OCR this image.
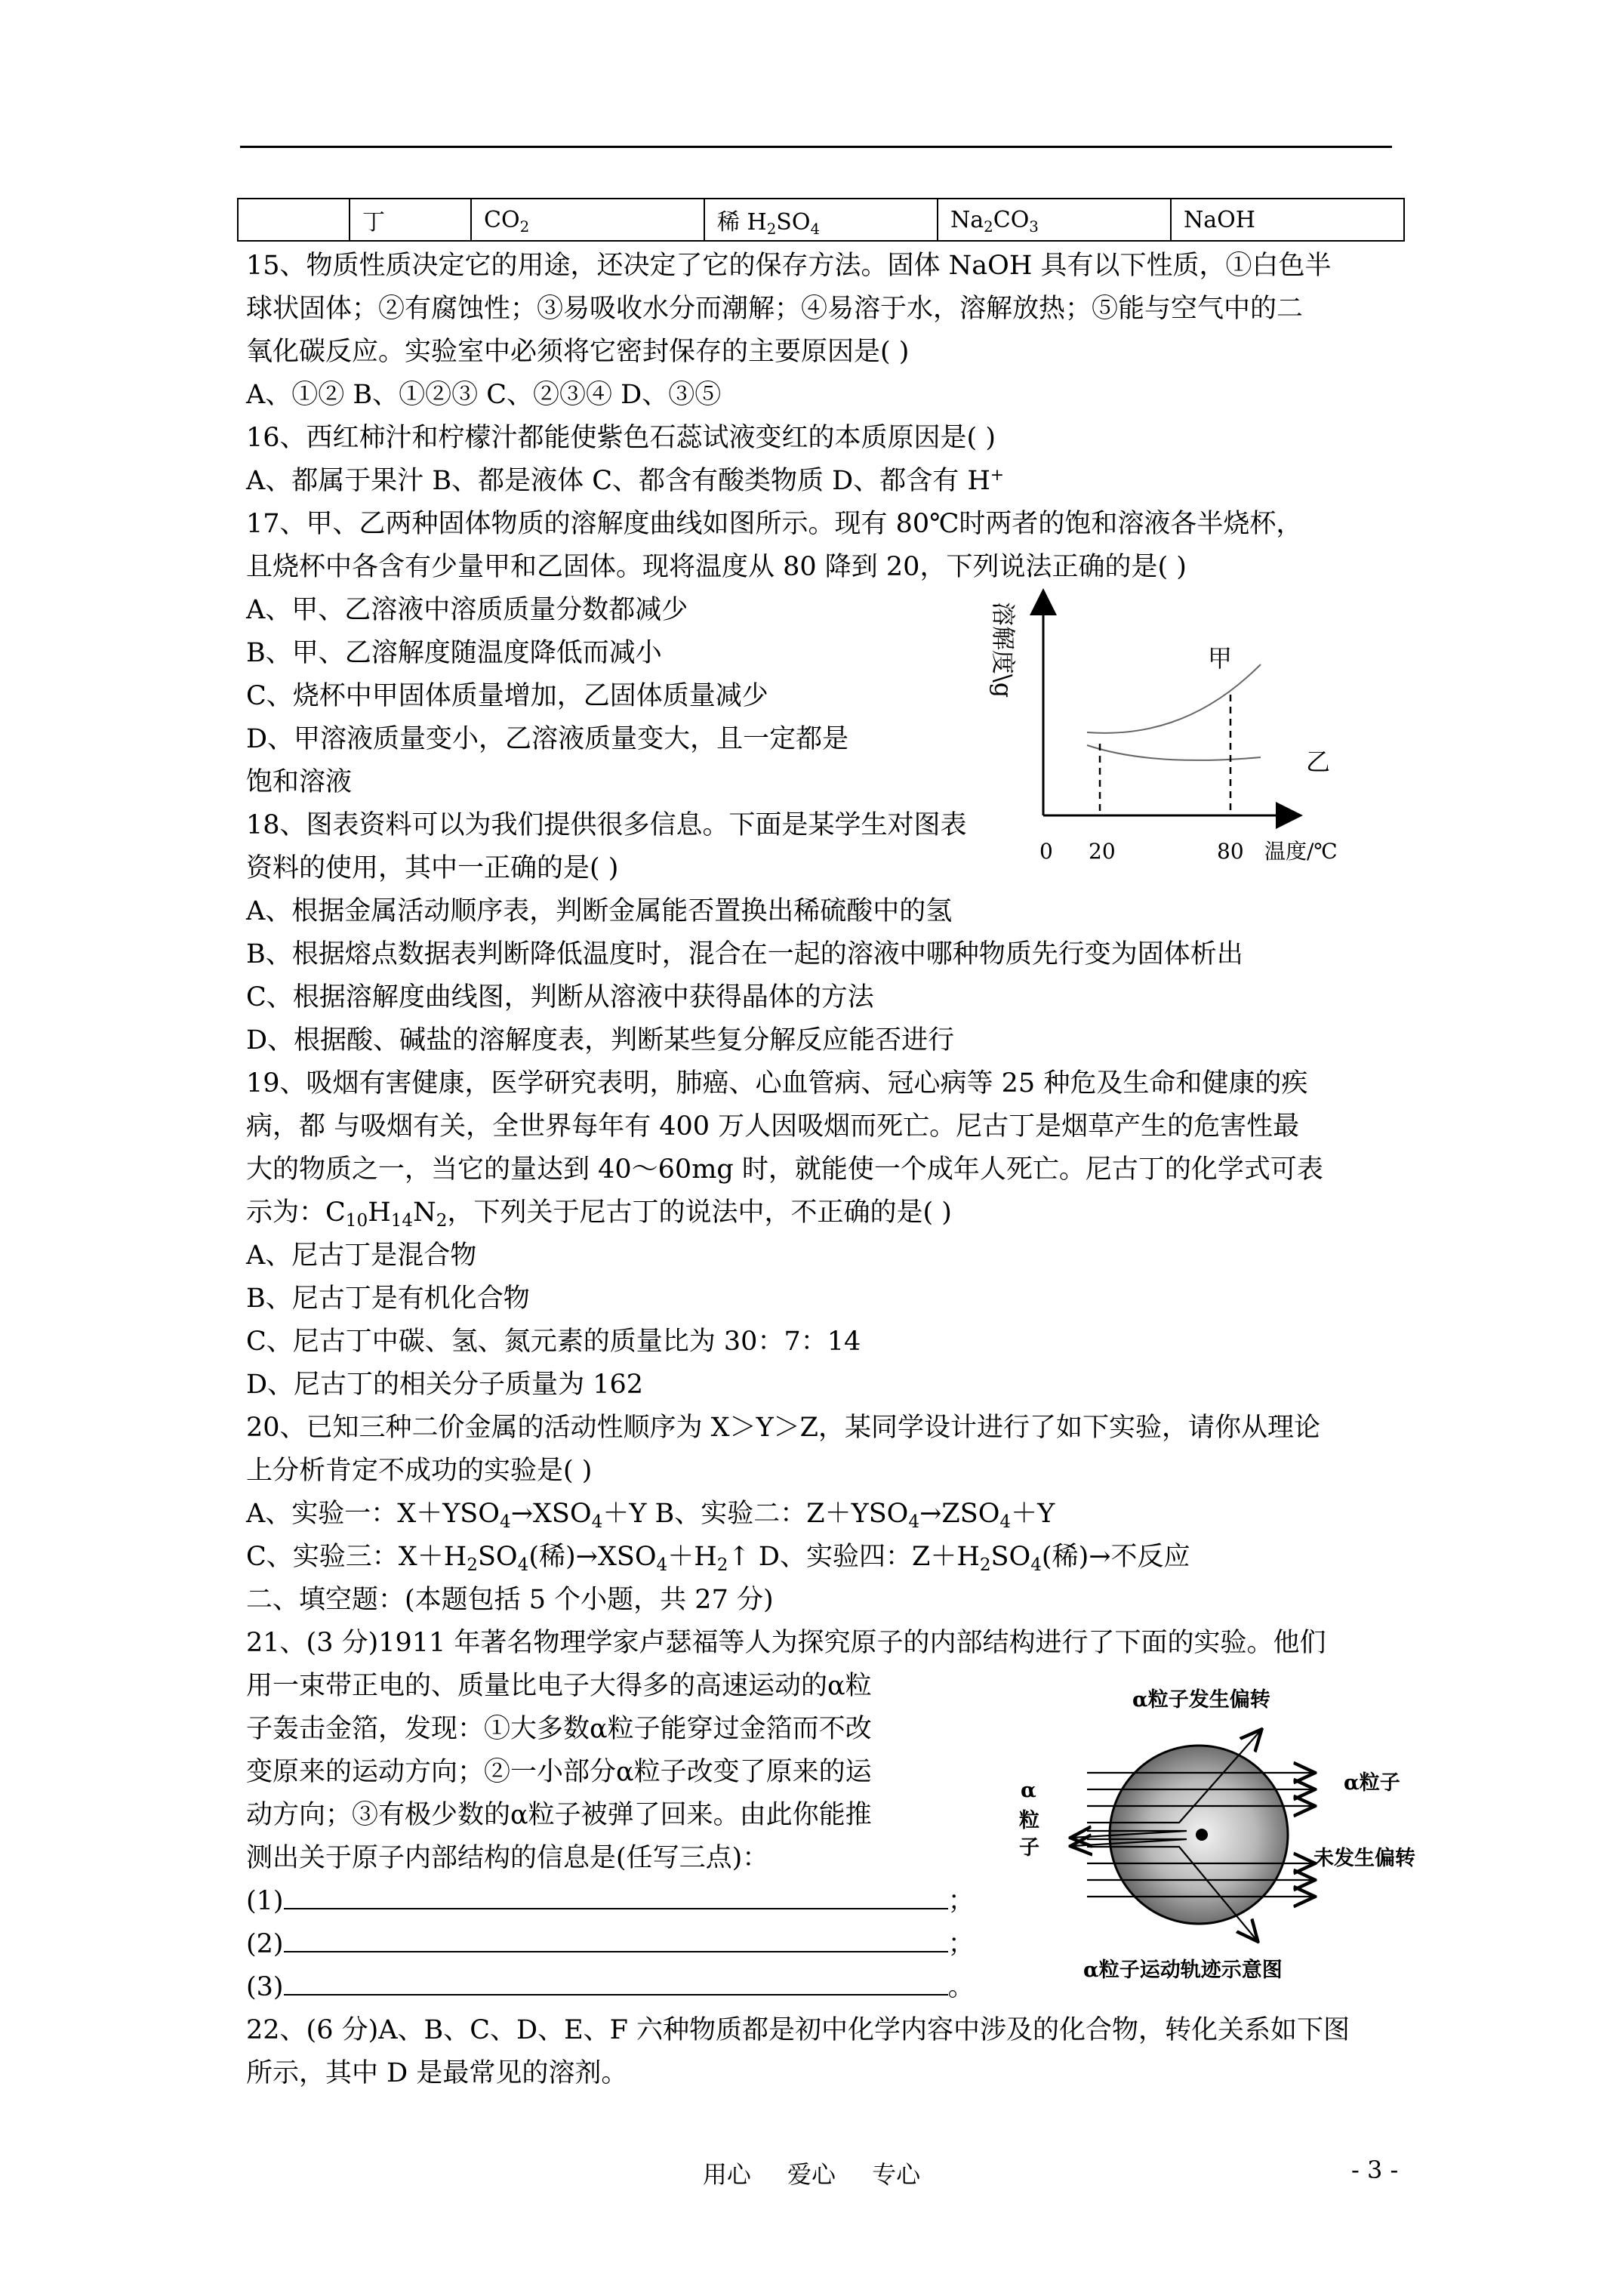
	丁	$CO_2$	稀 $H_2SO_4$	$Na_2CO_3$	NaOH
15、物质性质决定它的用途，还决定了它的保存方法。固体 NaOH 具有以下性质，①白色半
球状固体；②有腐蚀性；③易吸收水分而潮解；④易溶于水，溶解放热；⑤能与空气中的二
氧化碳反应。实验室中必须将它密封保存的主要原因是( )
A、①② B、①②③ C、②③④ D、③⑤
16、西红柿汁和柠檬汁都能使紫色石蕊试液变红的本质原因是( )
A、都属于果汁 B、都是液体 C、都含有酸类物质 D、都含有 H+
17、甲、乙两种固体物质的溶解度曲线如图所示。现有 80℃时两者的饱和溶液各半烧杯，
且烧杯中各含有少量甲和乙固体。现将温度从 80 降到 20，下列说法正确的是( )
A、甲、乙溶液中溶质质量分数都减少
B、甲、乙溶解度随温度降低而减小
C、烧杯中甲固体质量增加，乙固体质量减少
D、甲溶液质量变小，乙溶液质量变大，且一定都是
饱和溶液
18、图表资料可以为我们提供很多信息。下面是某学生对图表
资料的使用，其中一正确的是( )
A、根据金属活动顺序表，判断金属能否置换出稀硫酸中的氢
B、根据熔点数据表判断降低温度时，混合在一起的溶液中哪种物质先行变为固体析出
C、根据溶解度曲线图，判断从溶液中获得晶体的方法
D、根据酸、碱盐的溶解度表，判断某些复分解反应能否进行
19、吸烟有害健康，医学研究表明，肺癌、心血管病、冠心病等 25 种危及生命和健康的疾
病，都 与吸烟有关，全世界每年有 400 万人因吸烟而死亡。尼古丁是烟草产生的危害性最
大的物质之一，当它的量达到 40～60mg 时，就能使一个成年人死亡。尼古丁的化学式可表
示为：$C_{10}H_{14}N_2$，下列关于尼古丁的说法中，不正确的是( )
A、尼古丁是混合物
B、尼古丁是有机化合物
C、尼古丁中碳、氢、氮元素的质量比为 30：7：14
D、尼古丁的相关分子质量为 162
20、已知三种二价金属的活动性顺序为 X＞Y＞Z，某同学设计进行了如下实验，请你从理论
上分析肯定不成功的实验是( )
A、实验一：$X+YSO_4\to XSO_4+Y$ B、实验二：$Z+YSO_4\to ZSO_4+Y$
C、实验三：$X+H_2SO_4$(稀)$\to XSO_4+H_2↑$ D、实验四：$Z+H_2SO_4$(稀)→不反应
二、填空题：(本题包括 5 个小题，共 27 分)
21、(3 分)1911 年著名物理学家卢瑟福等人为探究原子的内部结构进行了下面的实验。他们
用一束带正电的、质量比电子大得多的高速运动的α粒
子轰击金箔，发现：①大多数α粒子能穿过金箔而不改
变原来的运动方向；②一小部分α粒子改变了原来的运
动方向；③有极少数的α粒子被弹了回来。由此你能推
测出关于原子内部结构的信息是(任写三点)：
22、(6 分)A、B、C、D、E、F 六种物质都是初中化学内容中涉及的化合物，转化关系如下图
所示，其中 D 是最常见的溶剂。
(1)	；
(2)	；
(3)	。
溶解度\g	甲
乙
0 20	80 温度/℃
α粒子发生偏转
α
粒
子
α粒子
未发生偏转
α粒子运动轨迹示意图
用心 爱心 专心	- 3 -
